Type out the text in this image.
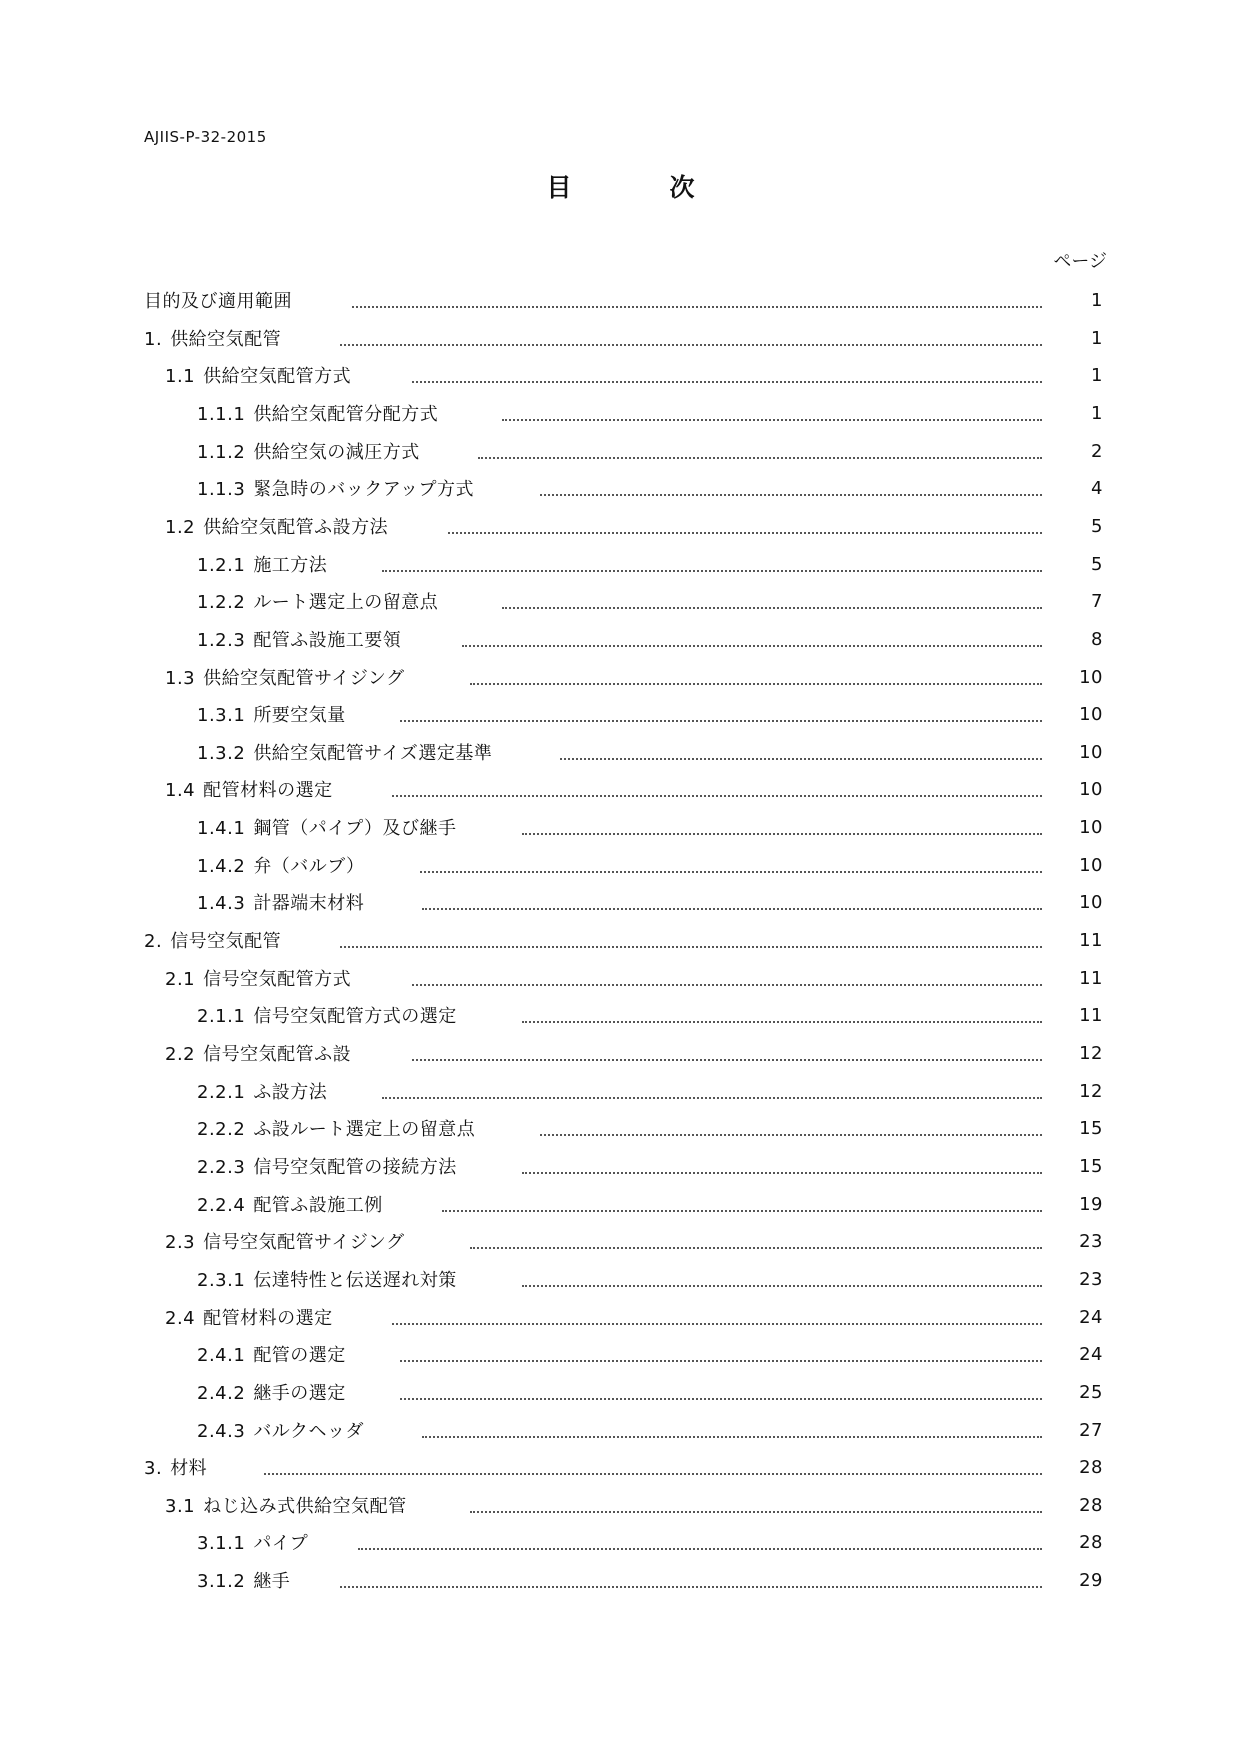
AJIIS-P-32-2015
目	次
ページ
目的及び適用範囲	1
1. 供給空気配管	1
1.1 供給空気配管方式	1
1.1.1 供給空気配管分配方式	1
1.1.2 供給空気の減圧方式	2
1.1.3 緊急時のバックアップ方式	4
1.2 供給空気配管ふ設方法	5
1.2.1 施工方法	5
1.2.2 ルート選定上の留意点	7
1.2.3 配管ふ設施工要領	8
1.3 供給空気配管サイジング	10
1.3.1 所要空気量	10
1.3.2 供給空気配管サイズ選定基準	10
1.4 配管材料の選定	10
1.4.1 鋼管（パイプ）及び継手	10
1.4.2 弁（バルブ）	10
1.4.3 計器端末材料	10
2. 信号空気配管	11
2.1 信号空気配管方式	11
2.1.1 信号空気配管方式の選定	11
2.2 信号空気配管ふ設	12
2.2.1 ふ設方法	12
2.2.2 ふ設ルート選定上の留意点	15
2.2.3 信号空気配管の接続方法	15
2.2.4 配管ふ設施工例	19
2.3 信号空気配管サイジング	23
2.3.1 伝達特性と伝送遅れ対策	23
2.4 配管材料の選定	24
2.4.1 配管の選定	24
2.4.2 継手の選定	25
2.4.3 バルクヘッダ	27
3. 材料	28
3.1 ねじ込み式供給空気配管	28
3.1.1 パイプ	28
3.1.2 継手	29
